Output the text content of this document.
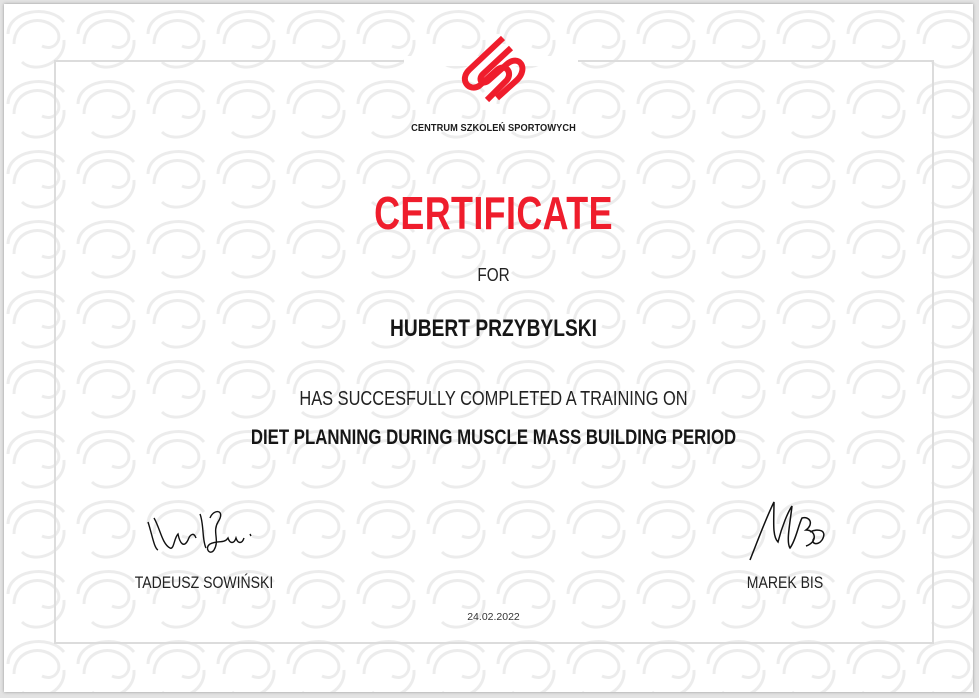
CENTRUM SZKOLEŃ SPORTOWYCH
CERTIFICATE
FOR
HUBERT PRZYBYLSKI
HAS SUCCESFULLY COMPLETED A TRAINING ON
DIET PLANNING DURING MUSCLE MASS BUILDING PERIOD
TADEUSZ SOWIŃSKI	MAREK BIS
24.02.2022
